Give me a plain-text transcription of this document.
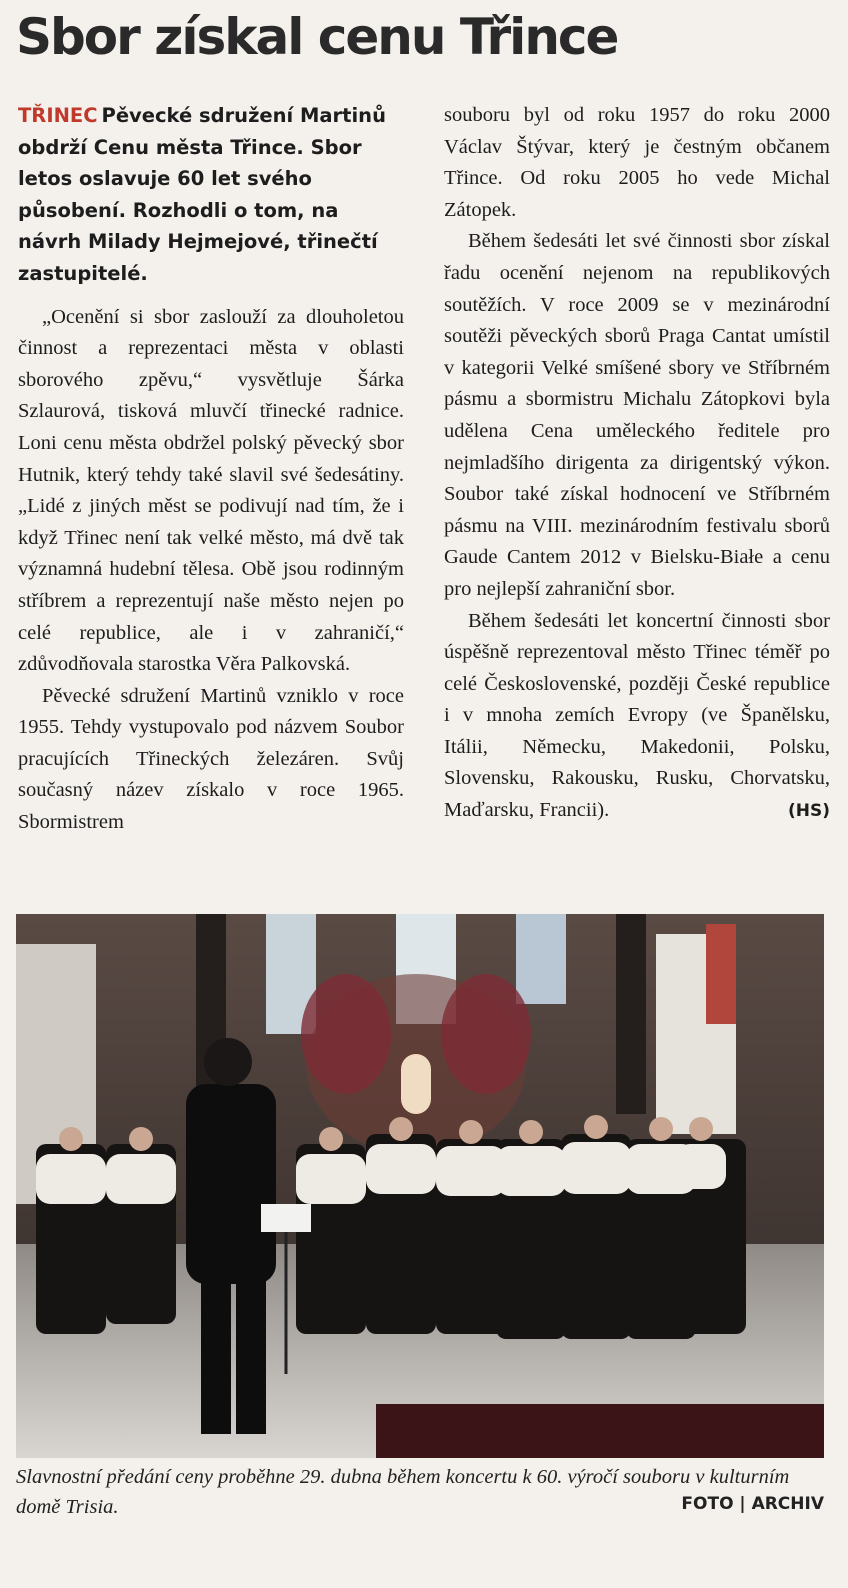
Sbor získal cenu Třince

TŘINEC Pěvecké sdružení Martinů obdrží Cenu města Třince. Sbor letos oslavuje 60 let svého působení. Rozhodli o tom, na návrh Milady Hejmejové, třinečtí zastupitelé.

„Ocenění si sbor zaslouží za dlouholetou činnost a reprezentaci města v oblasti sborového zpěvu,“ vysvětluje Šárka Szlaurová, tisková mluvčí třinecké radnice. Loni cenu města obdržel polský pěvecký sbor Hutnik, který tehdy také slavil své šedesátiny. „Lidé z jiných měst se podivují nad tím, že i když Třinec není tak velké město, má dvě tak významná hudební tělesa. Obě jsou rodinným stříbrem a reprezentují naše město nejen po celé republice, ale i v zahraničí,“ zdůvodňovala starostka Věra Palkovská.

Pěvecké sdružení Martinů vzniklo v roce 1955. Tehdy vystupovalo pod názvem Soubor pracujících Třineckých železáren. Svůj současný název získalo v roce 1965. Sbormistrem

souboru byl od roku 1957 do roku 2000 Václav Štývar, který je čestným občanem Třince. Od roku 2005 ho vede Michal Zátopek.

Během šedesáti let své činnosti sbor získal řadu ocenění nejenom na republikových soutěžích. V roce 2009 se v mezinárodní soutěži pěveckých sborů Praga Cantat umístil v kategorii Velké smíšené sbory ve Stříbrném pásmu a sbormistru Michalu Zátopkovi byla udělena Cena uměleckého ředitele pro nejmladšího dirigenta za dirigentský výkon. Soubor také získal hodnocení ve Stříbrném pásmu na VIII. mezinárodním festivalu sborů Gaude Cantem 2012 v Bielsku-Białe a cenu pro nejlepší zahraniční sbor.

Během šedesáti let koncertní činnosti sbor úspěšně reprezentoval město Třinec téměř po celé Československé, později České republice i v mnoha zemích Evropy (ve Španělsku, Itálii, Německu, Makedonii, Polsku, Slovensku, Rakousku, Rusku, Chorvatsku, Maďarsku, Francii).	(HS)
Slavnostní předání ceny proběhne 29. dubna během koncertu k 60. výročí souboru v kulturním domě Trisia.	FOTO | ARCHIV
